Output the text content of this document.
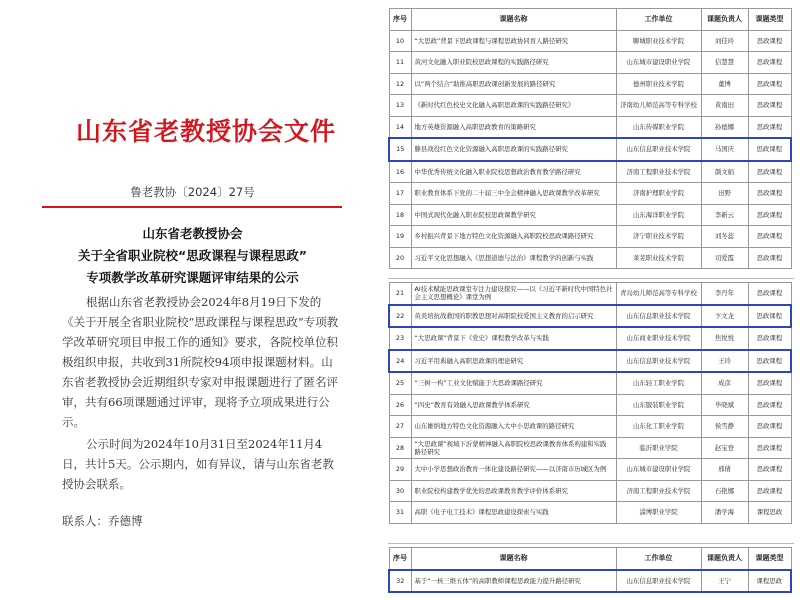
山东省老教授协会文件
鲁老教协〔2024〕27号
山东省老教授协会
关于全省职业院校“思政课程与课程思政”
专项教学改革研究课题评审结果的公示
根据山东省老教授协会2024年8月19日下发的《关于开展全省职业院校“思政课程与课程思政”专项教学改革研究项目申报工作的通知》要求，各院校单位积极组织申报，共收到31所院校94项申报课题材料。山东省老教授协会近期组织专家对申报课题进行了匿名评审，共有66项课题通过评审，现将予立项成果进行公示。
公示时间为2024年10月31日至2024年11月4日，共计5天。公示期内，如有异议，请与山东省老教授协会联系。
联系人：乔德博
序号	课题名称	工作单位	课题负责人	课题类型
10	“大思政”背景下思政课程与课程思政协同育人路径研究	聊城职业技术学院	刘佳玲	思政课程
11	黄河文化融入职业院校思政课程的实践路径研究	山东城市建设职业学院	信慧慧	思政课程
12	以“两个结合”助推高职思政课创新发展的路径研究	德州职业技术学院	董博	思政课程
13	《新时代红色校史文化融入高职思政课的实践路径研究》	济南幼儿师范高等专科学校	黄南田	思政课程
14	地方英雄资源融入高职思政教育的策略研究	山东传媒职业学院	孙德娜	思政课程
15	滕县战役红色文化资源融入高职思政课的实践路径研究	山东信息职业技术学院	马国庆	思政课程
16	中华优秀传统文化融入职业院校思想政治教育教学路径研究	济南工程职业技术学院	颜文娟	思政课程
17	职业教育体系下党的二十届三中全会精神融入思政课教学改革研究	济南护理职业学院	田野	思政课程
18	中国式现代化融入职业院校思政课教学研究	山东海洋职业学院	李新云	思政课程
19	乡村振兴背景下地方特色文化资源融入高职院校思政课路径研究	济宁职业技术学院	刘冬蕊	思政课程
20	习近平文化思想融入《思想道德与法治》课程教学的创新与实践	莱芜职业技术学院	司爱霞	思政课程
21	AI技术赋能思政课堂专注力建设探究——以《习近平新时代中国特色社会主义思想概论》课堂为例	青岛幼儿师范高等专科学校	李丹年	思政课程
22	黄炎培抗战救国的职教思想对高职院校爱国主义教育的启示研究	山东信息职业技术学院	卞文龙	思政课程
23	“大思政课”背景下《党史》课程教学改革与实践	山东商业职业技术学院	焦悦悦	思政课程
24	习近平用典融入高职思政课的理论研究	山东信息职业技术学院	王玲	思政课程
25	“三树一构”工业文化赋能于大思政课路径研究	山东轻工职业学院	成彦	思政课程
26	“四史”教育有效融入思政课教学体系研究	山东服装职业学院	毕晓斌	思政课程
27	山东雄纳地方特色文化资源融入大中小思政课的路径研究	山东化工职业学院	侯雪静	思政课程
28	“大思政课”视域下沂蒙精神融入高职院校思政课教育体系构建和实践路径研究	临沂职业学院	赵宝登	思政课程
29	大中小学思想政治教育一体化建设路径研究——以济南市历城区为例	山东城市建设职业学院	邢倩	思政课程
30	职业院校构建教学优先的思政课教育教学评价体系研究	济南工程职业技术学院	石艳娜	思政课程
31	高职《电子电工技术》课程思政建设探索与实践	淄博职业学院	潘学海	课程思政
序号	课题名称	工作单位	课题负责人	课题类型
32	基于“一核三维五体”的高职教师课程思政能力提升路径研究	山东信息职业技术学院	王宁	课程思政
